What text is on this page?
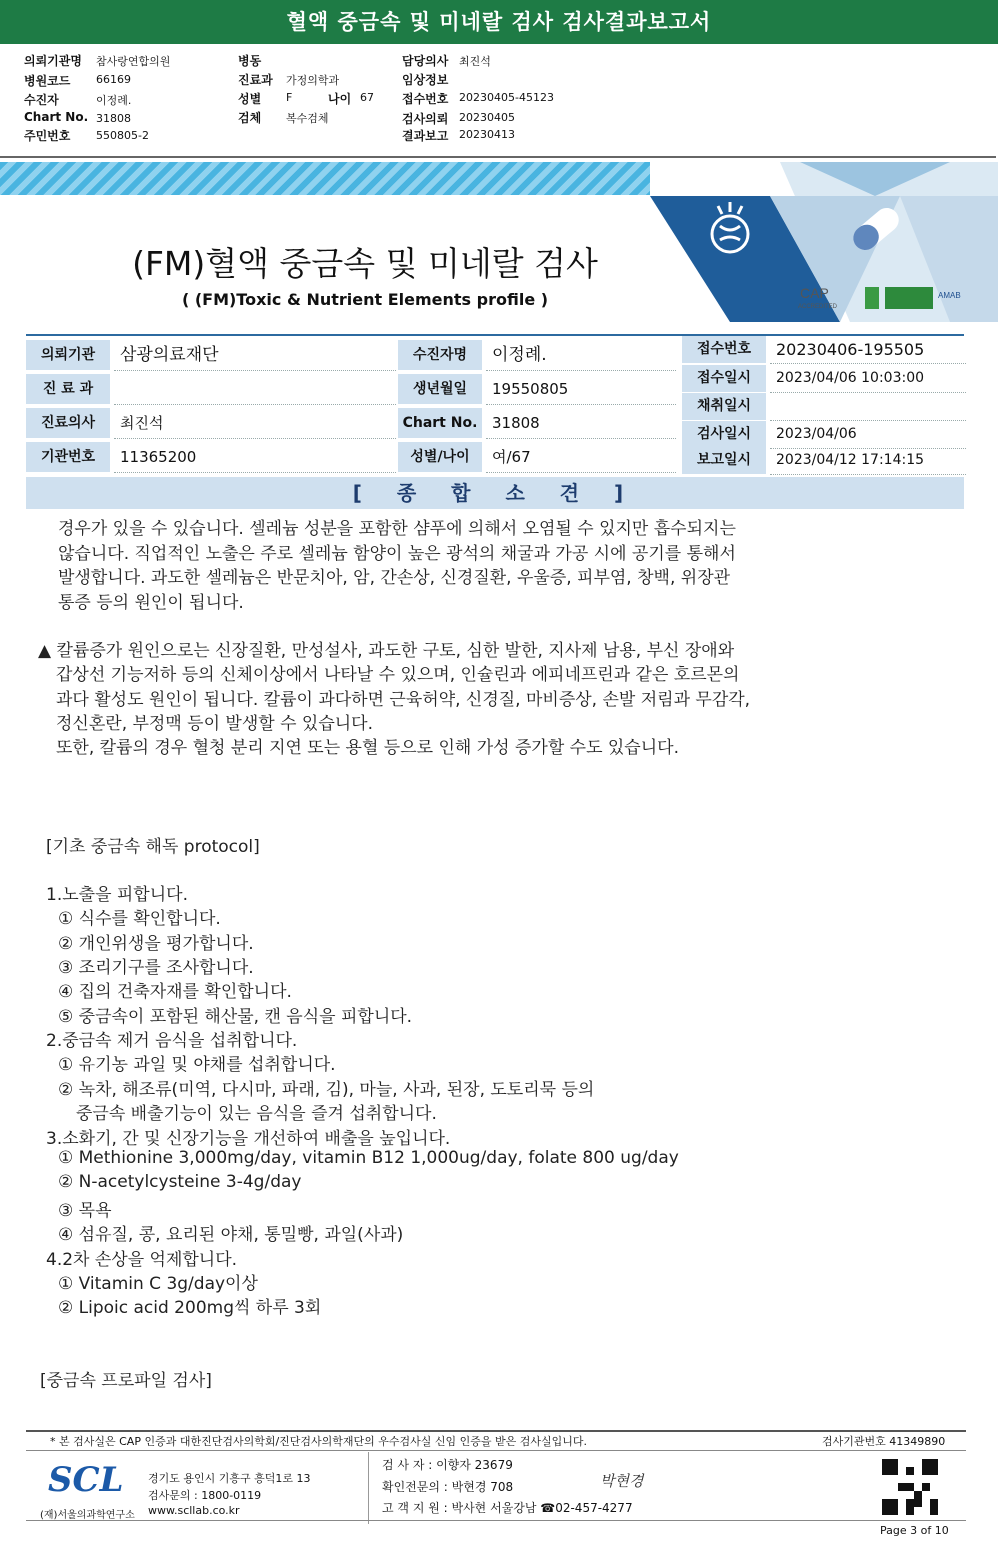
혈액 중금속 및 미네랄 검사 검사결과보고서
의뢰기관명 참사랑연합의원
병원코드 66169
수진자	이정례.
Chart No. 31808
주민번호 550805-2
병동
진료과 가정의학과
성별 F	나이 67
검체 복수검체
담당의사 최진석
임상정보
접수번호 20230405-45123
검사의뢰 20230405
결과보고 20230413
CAP
ACCREDITED
AMAB
(FM)혈액 중금속 및 미네랄 검사
( (FM)Toxic & Nutrient Elements profile )
의뢰기관	삼광의료재단
진 료 과
진료의사	최진석
기관번호	11365200
수진자명	이정례.
생년월일	19550805
Chart No. 31808
성별/나이	여/67
접수번호	20230406-195505
접수일시	2023/04/06 10:03:00
채취일시
검사일시	2023/04/06
보고일시	2023/04/12 17:14:15
[ 종 합 소 견 ]
경우가 있을 수 있습니다. 셀레늄 성분을 포함한 샴푸에 의해서 오염될 수 있지만 흡수되지는
않습니다. 직업적인 노출은 주로 셀레늄 함양이 높은 광석의 채굴과 가공 시에 공기를 통해서
발생합니다. 과도한 셀레늄은 반문치아, 암, 간손상, 신경질환, 우울증, 피부염, 창백, 위장관
통증 등의 원인이 됩니다.
▲ 칼륨증가 원인으로는 신장질환, 만성설사, 과도한 구토, 심한 발한, 지사제 남용, 부신 장애와
갑상선 기능저하 등의 신체이상에서 나타날 수 있으며, 인슐린과 에피네프린과 같은 호르몬의
과다 활성도 원인이 됩니다. 칼륨이 과다하면 근육허약, 신경질, 마비증상, 손발 저림과 무감각,
정신혼란, 부정맥 등이 발생할 수 있습니다.
또한, 칼륨의 경우 혈청 분리 지연 또는 용혈 등으로 인해 가성 증가할 수도 있습니다.
[기초 중금속 해독 protocol]
1.노출을 피합니다.
① 식수를 확인합니다.
② 개인위생을 평가합니다.
③ 조리기구를 조사합니다.
④ 집의 건축자재를 확인합니다.
⑤ 중금속이 포함된 해산물, 캔 음식을 피합니다.
2.중금속 제거 음식을 섭취합니다.
① 유기농 과일 및 야채를 섭취합니다.
② 녹차, 해조류(미역, 다시마, 파래, 김), 마늘, 사과, 된장, 도토리묵 등의
중금속 배출기능이 있는 음식을 즐겨 섭취합니다.
3.소화기, 간 및 신장기능을 개선하여 배출을 높입니다.
① Methionine 3,000mg/day, vitamin B12 1,000ug/day, folate 800 ug/day
② N-acetylcysteine 3-4g/day
③ 목욕
④ 섬유질, 콩, 요리된 야채, 통밀빵, 과일(사과)
4.2차 손상을 억제합니다.
① Vitamin C 3g/day이상
② Lipoic acid 200mg씩 하루 3회
[중금속 프로파일 검사]
* 본 검사실은 CAP 인증과 대한진단검사의학회/진단검사의학재단의 우수검사실 신임 인증을 받은 검사실입니다.	검사기관번호 41349890
SCL
(재)서울의과학연구소
경기도 용인시 기흥구 흥덕1로 13
검사문의 : 1800-0119
www.scllab.co.kr
검 사 자 : 이향자 23679
확인전문의 : 박현경 708
고 객 지 원 : 박사현 서울강남 ☎02-457-4277
박현경
Page 3 of 10
